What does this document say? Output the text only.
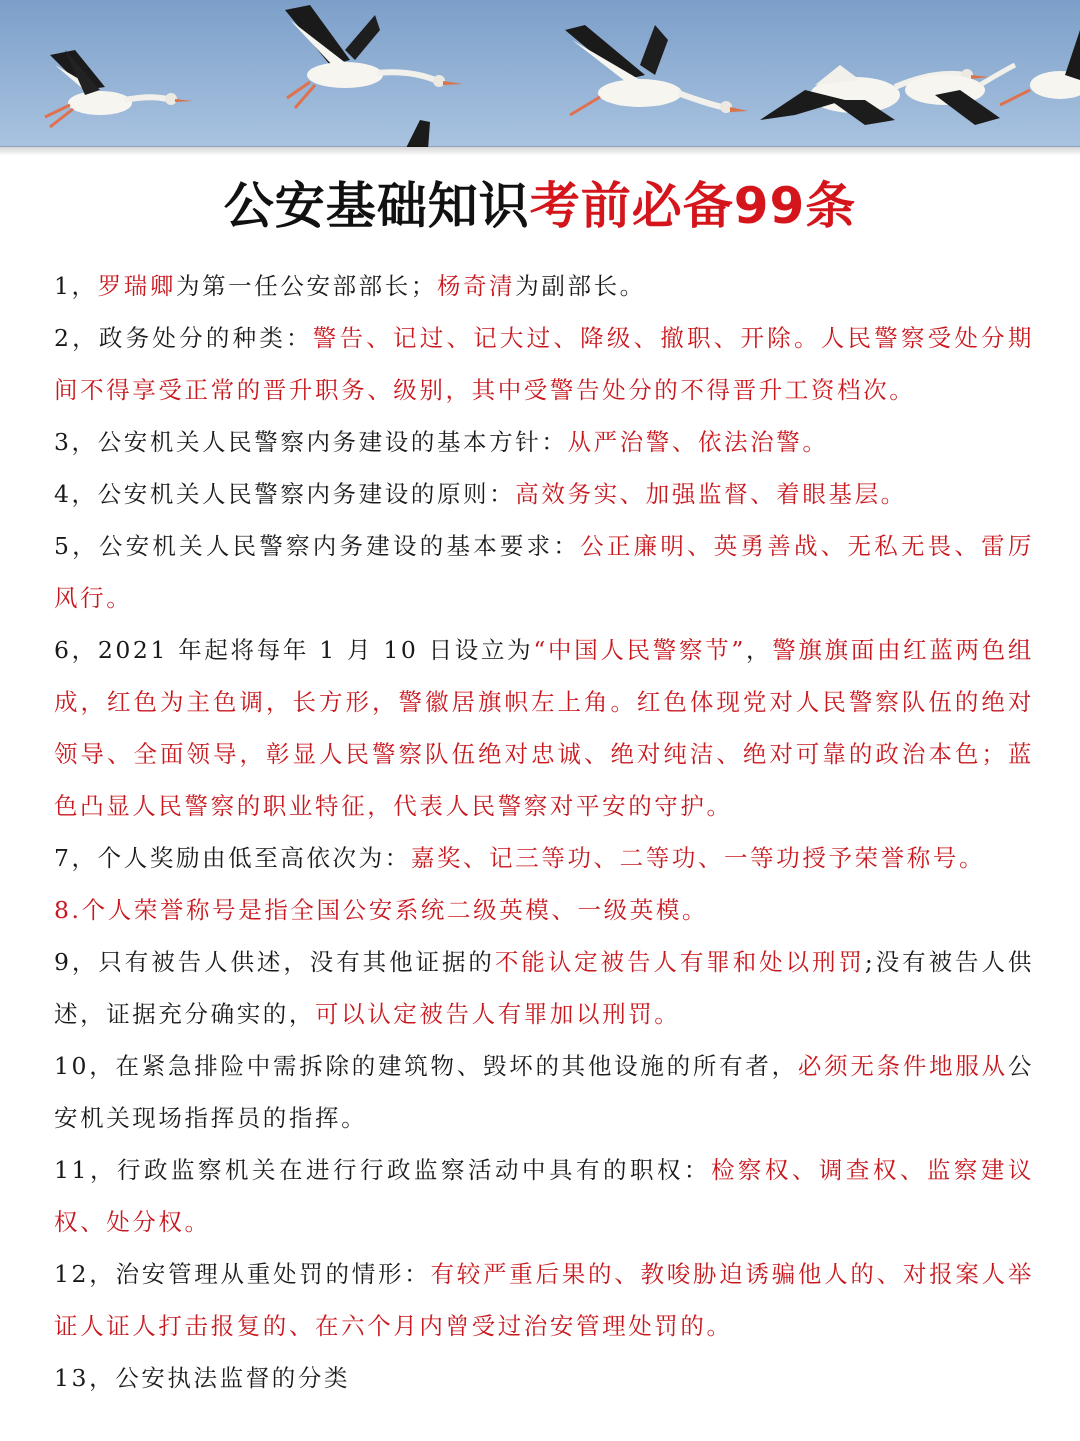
公安基础知识考前必备99条
1，罗瑞卿为第一任公安部部长；杨奇清为副部长。
2，政务处分的种类：警告、记过、记大过、降级、撤职、开除。人民警察受处分期间不得享受正常的晋升职务、级别，其中受警告处分的不得晋升工资档次。
3，公安机关人民警察内务建设的基本方针：从严治警、依法治警。
4，公安机关人民警察内务建设的原则：高效务实、加强监督、着眼基层。
5，公安机关人民警察内务建设的基本要求：公正廉明、英勇善战、无私无畏、雷厉风行。
6，2021 年起将每年 1 月 10 日设立为“中国人民警察节”，警旗旗面由红蓝两色组成，红色为主色调，长方形，警徽居旗帜左上角。红色体现党对人民警察队伍的绝对领导、全面领导，彰显人民警察队伍绝对忠诚、绝对纯洁、绝对可靠的政治本色；蓝色凸显人民警察的职业特征，代表人民警察对平安的守护。
7，个人奖励由低至高依次为：嘉奖、记三等功、二等功、一等功授予荣誉称号。
8.个人荣誉称号是指全国公安系统二级英模、一级英模。
9，只有被告人供述，没有其他证据的不能认定被告人有罪和处以刑罚;没有被告人供述，证据充分确实的，可以认定被告人有罪加以刑罚。
10，在紧急排险中需拆除的建筑物、毁坏的其他设施的所有者，必须无条件地服从公安机关现场指挥员的指挥。
11，行政监察机关在进行行政监察活动中具有的职权：检察权、调查权、监察建议权、处分权。
12，治安管理从重处罚的情形：有较严重后果的、教唆胁迫诱骗他人的、对报案人举证人证人打击报复的、在六个月内曾受过治安管理处罚的。
13，公安执法监督的分类
